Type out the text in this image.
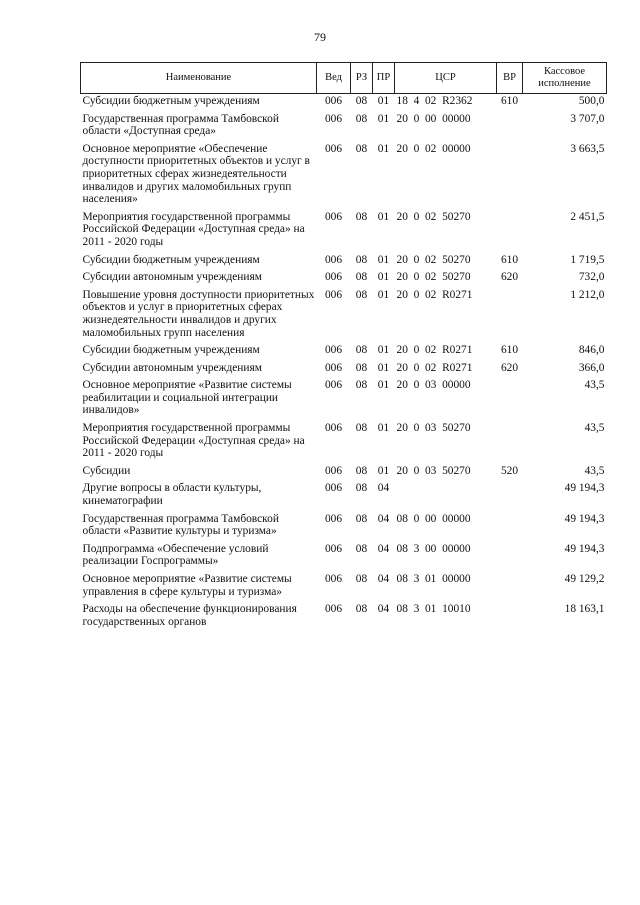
79
Наименование	Вед	РЗ	ПР	ЦСР	ВР	Кассовое исполнение
Субсидии бюджетным учреждениям	006	08	01	18  4  02  R2362	610	500,0
Государственная программа Тамбовской области «Доступная среда»	006	08	01	20  0  00  00000		3 707,0
Основное мероприятие «Обеспечение доступности приоритетных объектов и услуг в приоритетных сферах жизнедеятельности инвалидов и других маломобильных групп населения»	006	08	01	20  0  02  00000		3 663,5
Мероприятия государственной программы Российской Федерации «Доступная среда» на 2011 - 2020 годы	006	08	01	20  0  02  50270		2 451,5
Субсидии бюджетным учреждениям	006	08	01	20  0  02  50270	610	1 719,5
Субсидии автономным учреждениям	006	08	01	20  0  02  50270	620	732,0
Повышение уровня доступности приоритетных объектов и услуг в приоритетных сферах жизнедеятельности инвалидов и других маломобильных групп населения	006	08	01	20  0  02  R0271		1 212,0
Субсидии бюджетным учреждениям	006	08	01	20  0  02  R0271	610	846,0
Субсидии автономным учреждениям	006	08	01	20  0  02  R0271	620	366,0
Основное мероприятие «Развитие системы реабилитации и социальной интеграции инвалидов»	006	08	01	20  0  03  00000		43,5
Мероприятия государственной программы Российской Федерации «Доступная среда» на 2011 - 2020 годы	006	08	01	20  0  03  50270		43,5
Субсидии	006	08	01	20  0  03  50270	520	43,5
Другие вопросы в области культуры, кинематографии	006	08	04			49 194,3
Государственная программа Тамбовской области «Развитие культуры и туризма»	006	08	04	08  0  00  00000		49 194,3
Подпрограмма «Обеспечение условий реализации Госпрограммы»	006	08	04	08  3  00  00000		49 194,3
Основное мероприятие «Развитие системы управления в сфере культуры и туризма»	006	08	04	08  3  01  00000		49 129,2
Расходы на обеспечение функционирования государственных органов	006	08	04	08  3  01  10010		18 163,1
